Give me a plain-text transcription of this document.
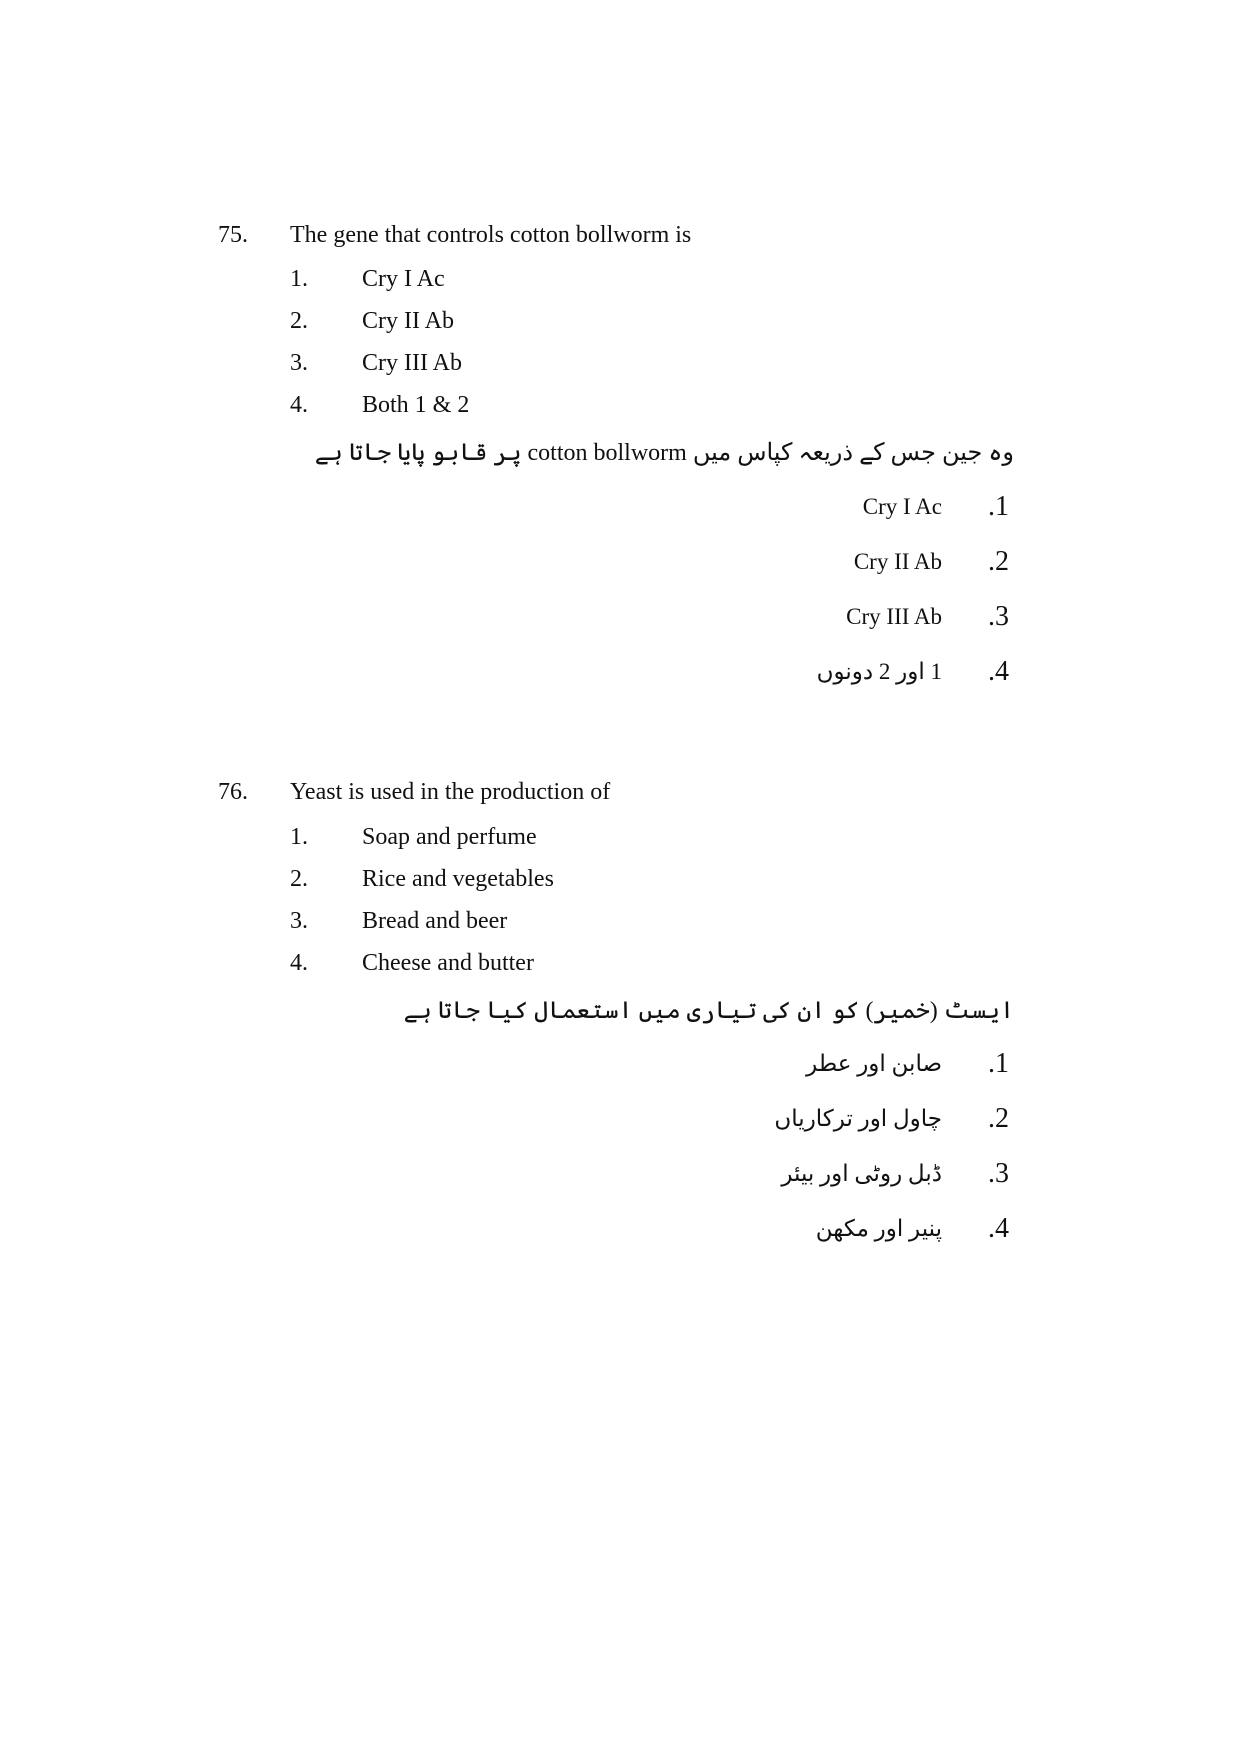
75. The gene that controls cotton bollworm is
1. Cry I Ac
2. Cry II Ab
3. Cry III Ab
4. Both 1 & 2
وہ جین جس کے ذریعہ کپاس میں cotton bollworm پر قابو پایا جاتا ہے
.1
Cry I Ac
.2
Cry II Ab
.3
Cry III Ab
.4
1 اور 2 دونوں
76. Yeast is used in the production of
1. Soap and perfume
2. Rice and vegetables
3. Bread and beer
4. Cheese and butter
ایسٹ (خمیر) کو ان کی تیاری میں استعمال کیا جاتا ہے
.1
صابن اور عطر
.2
چاول اور ترکاریاں
.3
ڈبل روٹی اور بیئر
.4
پنیر اور مکھن
